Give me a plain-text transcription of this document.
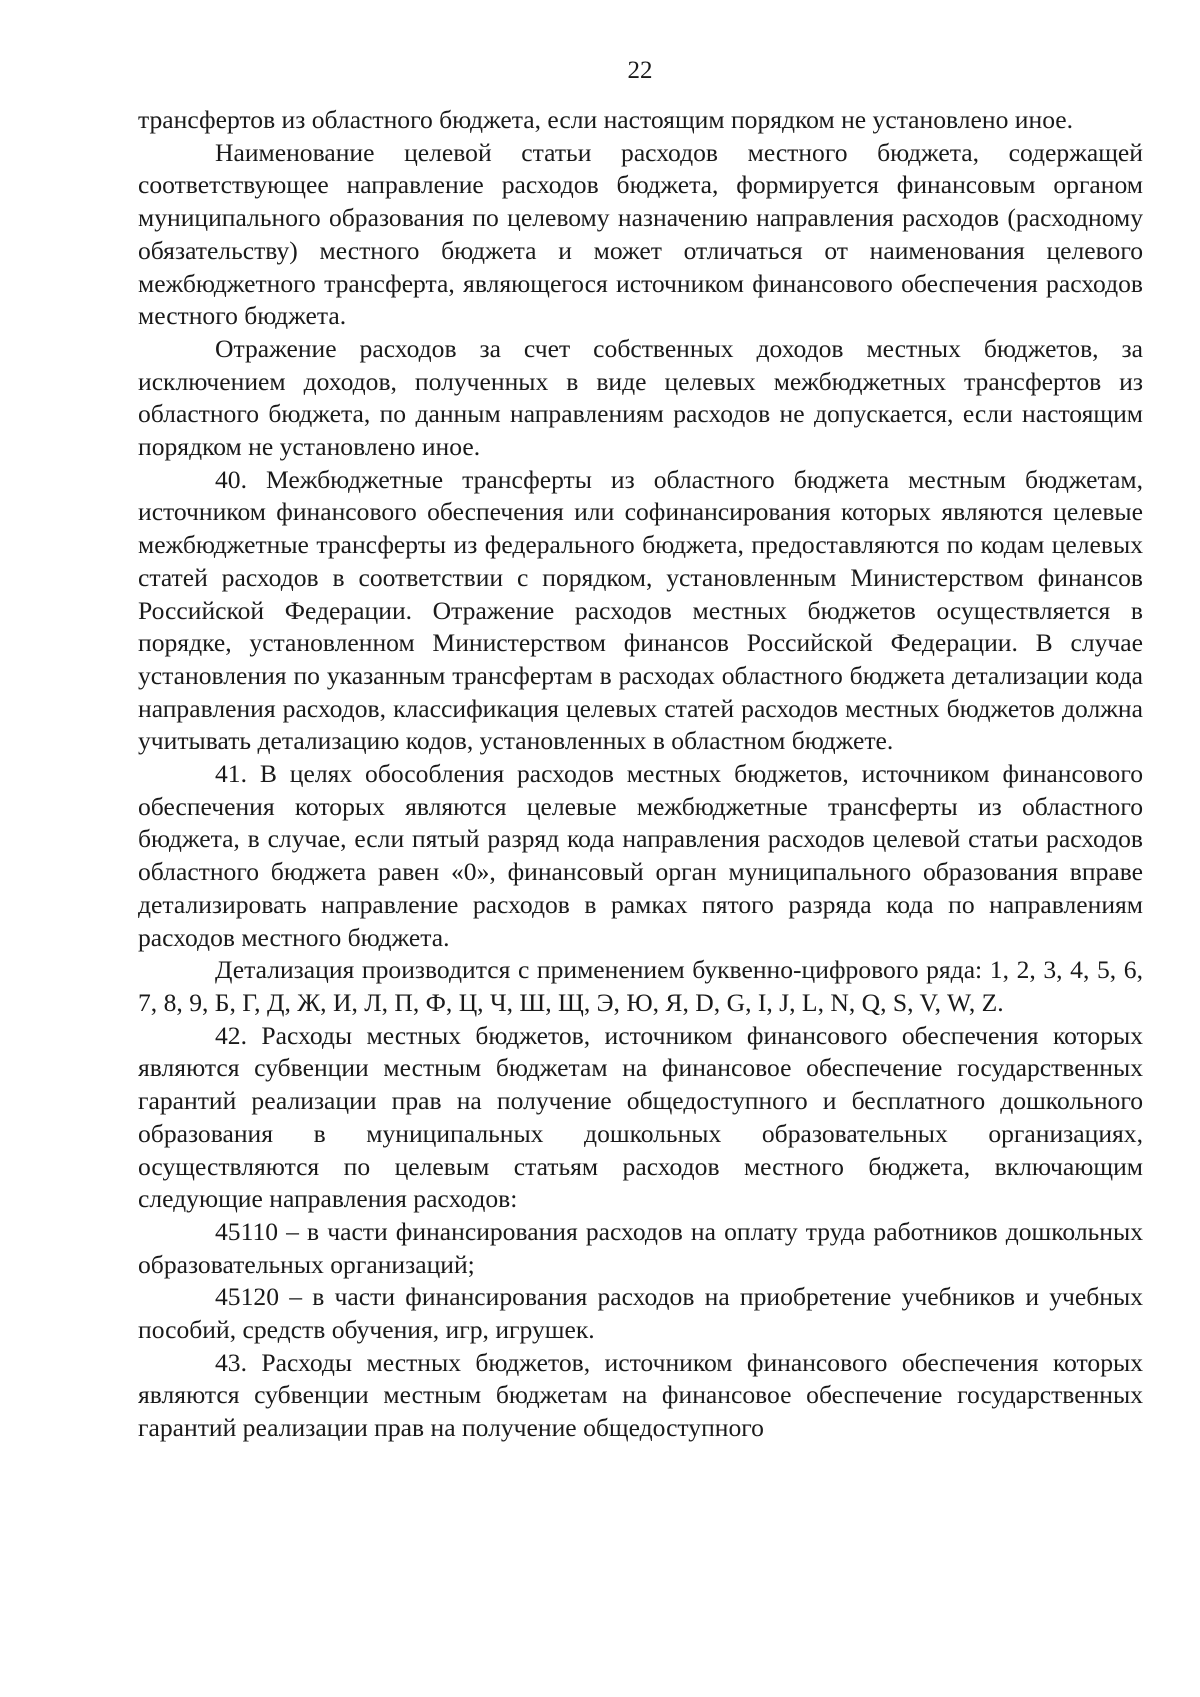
22

трансфертов из областного бюджета, если настоящим порядком не установлено иное.

Наименование целевой статьи расходов местного бюджета, содержащей соответствующее направление расходов бюджета, формируется финансовым органом муниципального образования по целевому назначению направления расходов (расходному обязательству) местного бюджета и может отличаться от наименования целевого межбюджетного трансферта, являющегося источником финансового обеспечения расходов местного бюджета.

Отражение расходов за счет собственных доходов местных бюджетов, за исключением доходов, полученных в виде целевых межбюджетных трансфертов из областного бюджета, по данным направлениям расходов не допускается, если настоящим порядком не установлено иное.

40. Межбюджетные трансферты из областного бюджета местным бюджетам, источником финансового обеспечения или софинансирования которых являются целевые межбюджетные трансферты из федерального бюджета, предоставляются по кодам целевых статей расходов в соответствии с порядком, установленным Министерством финансов Российской Федерации. Отражение расходов местных бюджетов осуществляется в порядке, установленном Министерством финансов Российской Федерации. В случае установления по указанным трансфертам в расходах областного бюджета детализации кода направления расходов, классификация целевых статей расходов местных бюджетов должна учитывать детализацию кодов, установленных в областном бюджете.

41. В целях обособления расходов местных бюджетов, источником финансового обеспечения которых являются целевые межбюджетные трансферты из областного бюджета, в случае, если пятый разряд кода направления расходов целевой статьи расходов областного бюджета равен «0», финансовый орган муниципального образования вправе детализировать направление расходов в рамках пятого разряда кода по направлениям расходов местного бюджета.

Детализация производится с применением буквенно-цифрового ряда: 1, 2, 3, 4, 5, 6, 7, 8, 9, Б, Г, Д, Ж, И, Л, П, Ф, Ц, Ч, Ш, Щ, Э, Ю, Я, D, G, I, J, L, N, Q, S, V, W, Z.

42. Расходы местных бюджетов, источником финансового обеспечения которых являются субвенции местным бюджетам на финансовое обеспечение государственных гарантий реализации прав на получение общедоступного и бесплатного дошкольного образования в муниципальных дошкольных образовательных организациях, осуществляются по целевым статьям расходов местного бюджета, включающим следующие направления расходов:

45110 – в части финансирования расходов на оплату труда работников дошкольных образовательных организаций;

45120 – в части финансирования расходов на приобретение учебников и учебных пособий, средств обучения, игр, игрушек.

43. Расходы местных бюджетов, источником финансового обеспечения которых являются субвенции местным бюджетам на финансовое обеспечение государственных гарантий реализации прав на получение общедоступного
